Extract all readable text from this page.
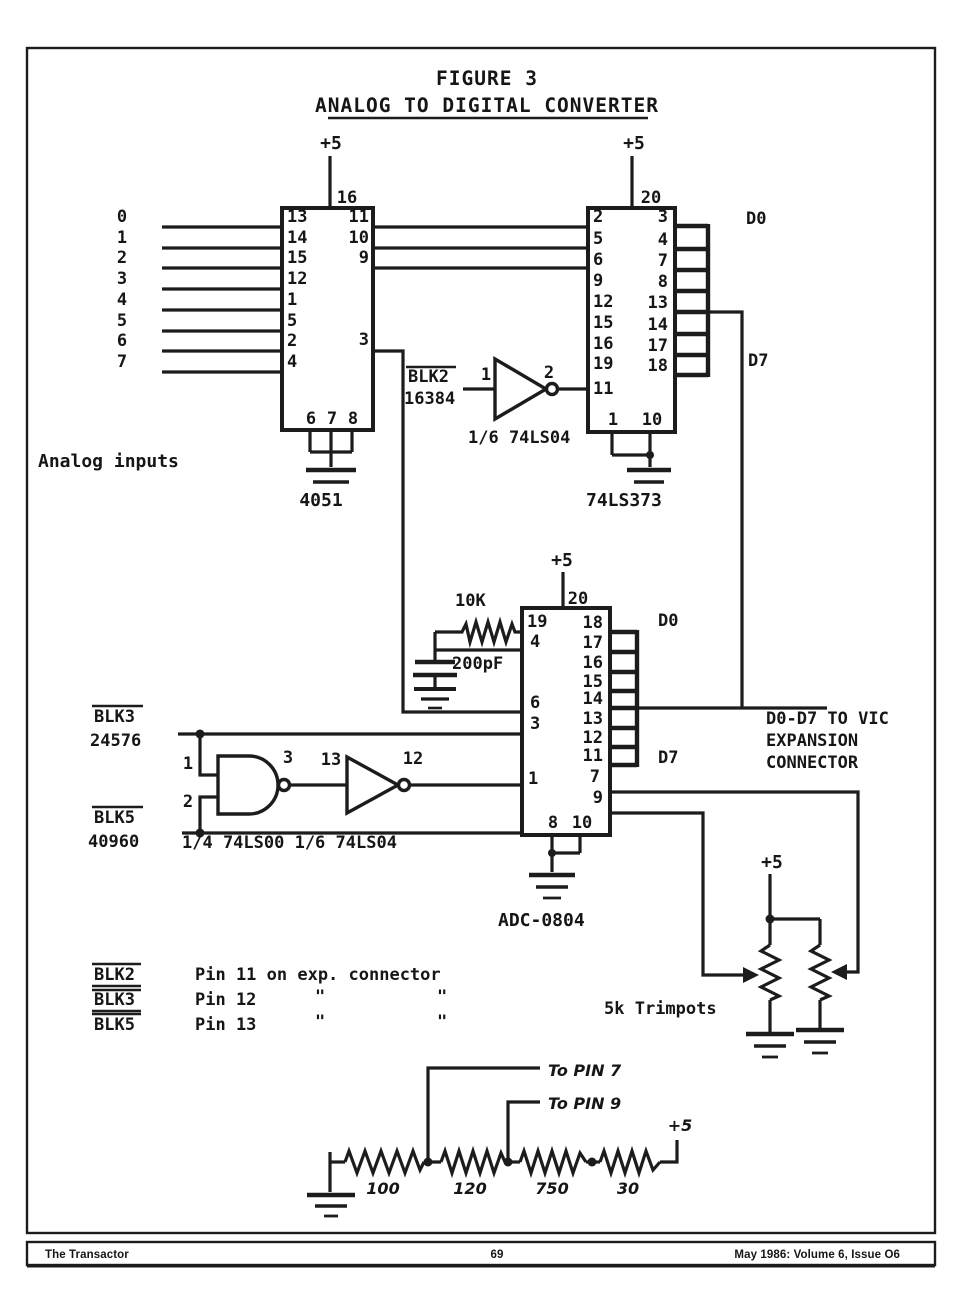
FIGURE 3
ANALOG TO DIGITAL CONVERTER
+5
16
0
1
2
3
4
5
6
7
13
14
15
12
1
5
2
4
11
10
9
3
6 7 8
4051
Analog inputs
+5
20
2
5
6
9
12
15
16
19
11
3
4
7
8
13
14
17
18
D0
D7
1 10
74LS373
BLK2
16384
1	2
1/6 74LS04
+5
20
10K
200pF
19
4
6
3
1
18
17
16
15
14
13
12
11
D0
D7
7
9
8 10
ADC-0804
BLK3
24576
BLK5
40960
1
2
3 13	12
1/4 74LS00 1/6 74LS04
D0-D7 TO VIC
EXPANSION
CONNECTOR
+5
5k Trimpots
BLK2	Pin 11 on exp. connector
BLK3	Pin 12	"	"
BLK5	Pin 13	"	"
To PIN 7
To PIN 9
+5
100	120	750	30
The Transactor	69	May 1986: Volume 6, Issue O6
